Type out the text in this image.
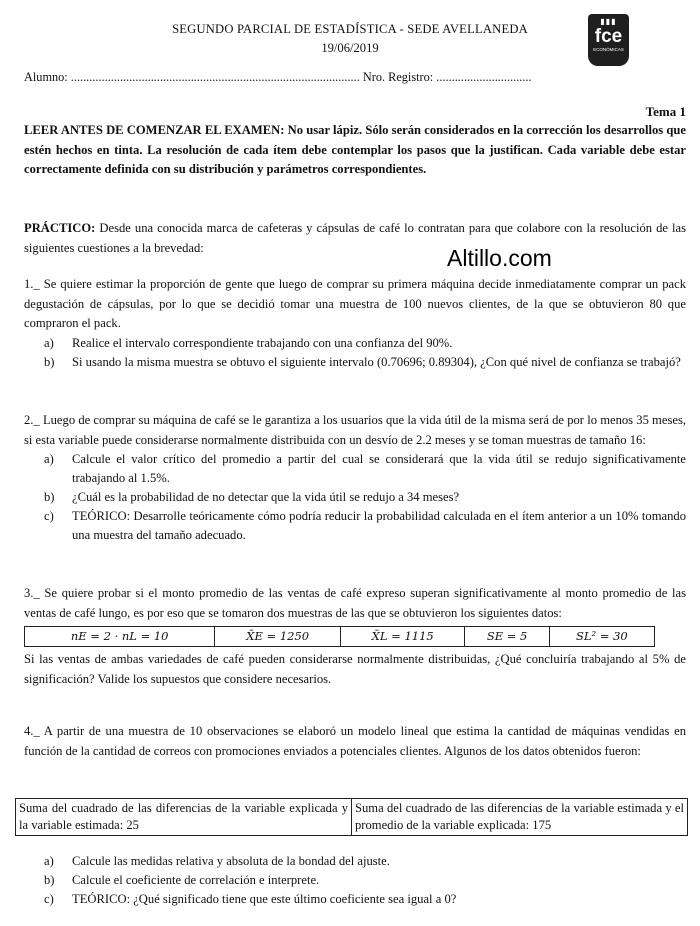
SEGUNDO PARCIAL DE ESTADÍSTICA - SEDE AVELLANEDA
19/06/2019
▮▮▮
fce
ECONÓMICAS
Alumno: .............................................................................................. Nro. Registro: ...............................
Tema 1
LEER ANTES DE COMENZAR EL EXAMEN: No usar lápiz. Sólo serán considerados en la corrección los desarrollos que estén hechos en tinta. La resolución de cada ítem debe contemplar los pasos que la justifican. Cada variable debe estar correctamente definida con su distribución y parámetros correspondientes.
PRÁCTICO: Desde una conocida marca de cafeteras y cápsulas de café lo contratan para que colabore con la resolución de las siguientes cuestiones a la brevedad:	Altillo.com
1._ Se quiere estimar la proporción de gente que luego de comprar su primera máquina decide inmediatamente comprar un pack degustación de cápsulas, por lo que se decidió tomar una muestra de 100 nuevos clientes, de la que se obtuvieron 80 que compraron el pack.
a) Realice el intervalo correspondiente trabajando con una confianza del 90%.
b) Si usando la misma muestra se obtuvo el siguiente intervalo (0.70696; 0.89304), ¿Con qué nivel de confianza se trabajó?
2._ Luego de comprar su máquina de café se le garantiza a los usuarios que la vida útil de la misma será de por lo menos 35 meses, si esta variable puede considerarse normalmente distribuida con un desvío de 2.2 meses y se toman muestras de tamaño 16:
a) Calcule el valor crítico del promedio a partir del cual se considerará que la vida útil se redujo significativamente trabajando al 1.5%.
b) ¿Cuál es la probabilidad de no detectar que la vida útil se redujo a 34 meses?
c) TEÓRICO: Desarrolle teóricamente cómo podría reducir la probabilidad calculada en el ítem anterior a un 10% tomando una muestra del tamaño adecuado.
3._ Se quiere probar si el monto promedio de las ventas de café expreso superan significativamente al monto promedio de las ventas de café lungo, es por eso que se tomaron dos muestras de las que se obtuvieron los siguientes datos:
nE = 2 · nL = 10	X̄E = 1250	X̄L = 1115	SE = 5	SL² = 30
Si las ventas de ambas variedades de café pueden considerarse normalmente distribuidas, ¿Qué concluiría trabajando al 5% de significación? Valide los supuestos que considere necesarios.
4._ A partir de una muestra de 10 observaciones se elaboró un modelo lineal que estima la cantidad de máquinas vendidas en función de la cantidad de correos con promociones enviados a potenciales clientes. Algunos de los datos obtenidos fueron:
Suma del cuadrado de las diferencias de la variable explicada y la variable estimada: 25	Suma del cuadrado de las diferencias de la variable estimada y el promedio de la variable explicada: 175
a) Calcule las medidas relativa y absoluta de la bondad del ajuste.
b) Calcule el coeficiente de correlación e interprete.
c) TEÓRICO: ¿Qué significado tiene que este último coeficiente sea igual a 0?
